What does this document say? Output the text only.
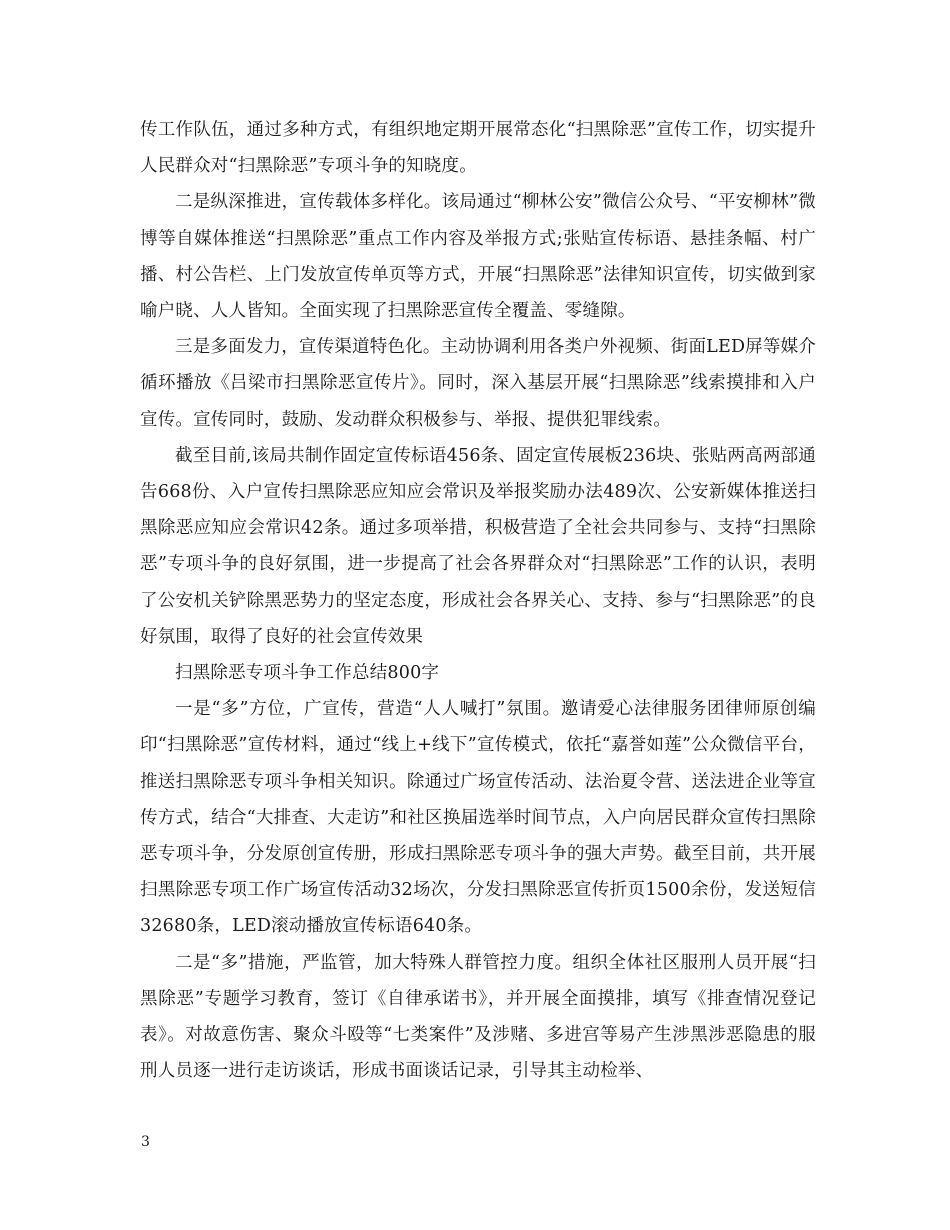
传工作队伍，通过多种方式，有组织地定期开展常态化“扫黑除恶”宣传工作，切实提升人民群众对“扫黑除恶”专项斗争的知晓度。

二是纵深推进，宣传载体多样化。该局通过“柳林公安”微信公众号、“平安柳林”微博等自媒体推送“扫黑除恶”重点工作内容及举报方式;张贴宣传标语、悬挂条幅、村广播、村公告栏、上门发放宣传单页等方式，开展“扫黑除恶”法律知识宣传，切实做到家喻户晓、人人皆知。全面实现了扫黑除恶宣传全覆盖、零缝隙。

三是多面发力，宣传渠道特色化。主动协调利用各类户外视频、街面LED屏等媒介循环播放《吕梁市扫黑除恶宣传片》。同时，深入基层开展“扫黑除恶”线索摸排和入户宣传。宣传同时，鼓励、发动群众积极参与、举报、提供犯罪线索。

截至目前,该局共制作固定宣传标语456条、固定宣传展板236块、张贴两高两部通告668份、入户宣传扫黑除恶应知应会常识及举报奖励办法489次、公安新媒体推送扫黑除恶应知应会常识42条。通过多项举措，积极营造了全社会共同参与、支持“扫黑除恶”专项斗争的良好氛围，进一步提高了社会各界群众对“扫黑除恶”工作的认识，表明了公安机关铲除黑恶势力的坚定态度，形成社会各界关心、支持、参与“扫黑除恶”的良好氛围，取得了良好的社会宣传效果

扫黑除恶专项斗争工作总结800字

一是“多”方位，广宣传，营造“人人喊打”氛围。邀请爱心法律服务团律师原创编印“扫黑除恶”宣传材料，通过“线上+线下”宣传模式，依托“嘉誉如莲”公众微信平台，推送扫黑除恶专项斗争相关知识。除通过广场宣传活动、法治夏令营、送法进企业等宣传方式，结合“大排查、大走访”和社区换届选举时间节点，入户向居民群众宣传扫黑除恶专项斗争，分发原创宣传册，形成扫黑除恶专项斗争的强大声势。截至目前，共开展扫黑除恶专项工作广场宣传活动32场次，分发扫黑除恶宣传折页1500余份，发送短信32680条，LED滚动播放宣传标语640条。

二是“多”措施，严监管，加大特殊人群管控力度。组织全体社区服刑人员开展“扫黑除恶”专题学习教育，签订《自律承诺书》，并开展全面摸排，填写《排查情况登记表》。对故意伤害、聚众斗殴等“七类案件”及涉赌、多进宫等易产生涉黑涉恶隐患的服刑人员逐一进行走访谈话，形成书面谈话记录，引导其主动检举、

3
